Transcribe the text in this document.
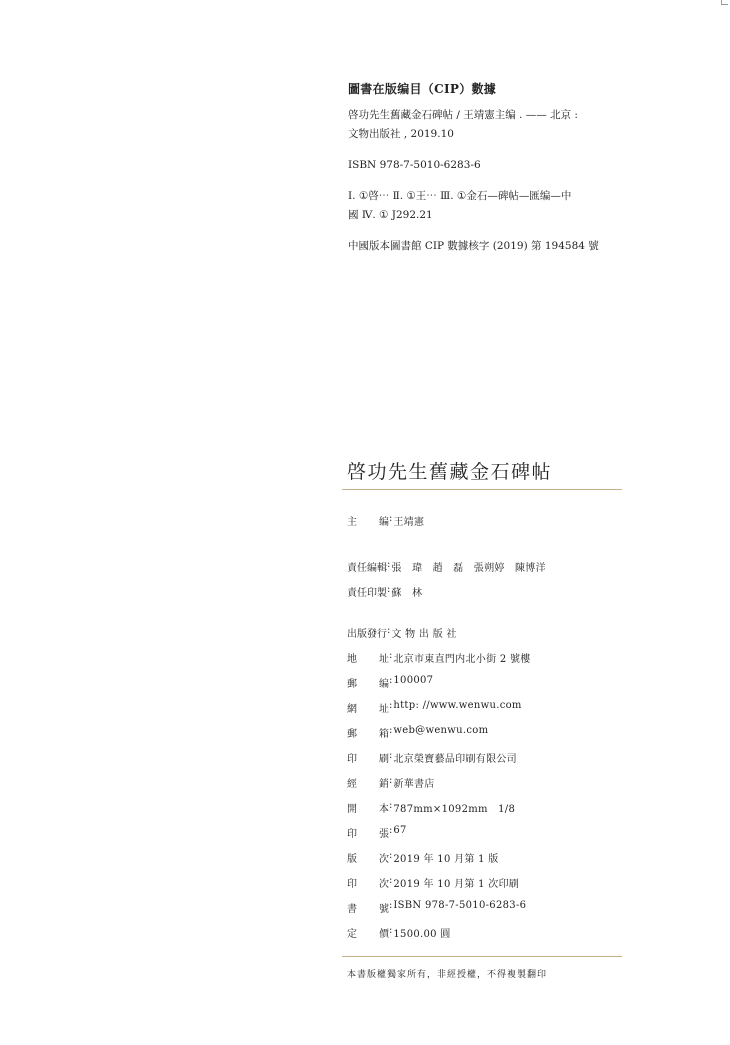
圖書在版编目（CIP）數據

啓功先生舊藏金石碑帖 / 王靖憲主编 . —— 北京 :
文物出版社 , 2019.10

ISBN 978-7-5010-6283-6

Ⅰ. ①啓⋯ Ⅱ. ①王⋯ Ⅲ. ①金石—碑帖—匯编—中
國 Ⅳ. ① J292.21

中國版本圖書館 CIP 數據核字 (2019) 第 194584 號

啓功先生舊藏金石碑帖
主 编 : 王靖憲
責任编輯 : 張　瑋　趙　磊　張朔婷　陳博洋
責任印製 : 蘇　林
出版發行 : 文 物 出 版 社
地 址 : 北京市東直門内北小街 2 號樓
郵 编 : 100007
網 址 : http: //www.wenwu.com
郵 箱 : web@wenwu.com
印 刷 : 北京榮寶藝品印刷有限公司
經 銷 : 新華書店
開 本 : 787mm×1092mm　1/8
印 張 : 67
版 次 : 2019 年 10 月第 1 版
印 次 : 2019 年 10 月第 1 次印刷
書 號 : ISBN 978-7-5010-6283-6
定 價 : 1500.00 圓
本書版權獨家所有，非經授權，不得複製翻印
